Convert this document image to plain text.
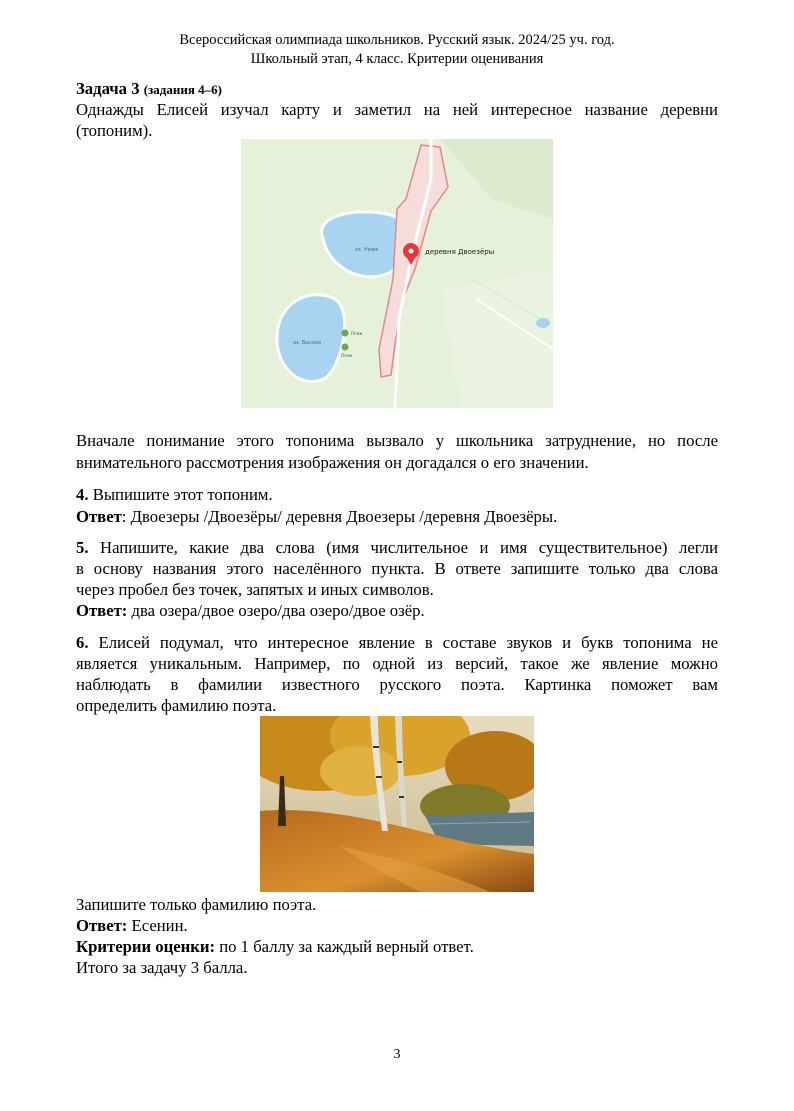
Всероссийская олимпиада школьников. Русский язык. 2024/25 уч. год.
Школьный этап, 4 класс. Критерии оценивания
Задача 3 (задания 4–6)
Однажды Елисей изучал карту и заметил на ней интересное название деревни
(топоним).
деревня Двоезёры
оз. Ниже
оз. Высоке
Пляж
Пляж
Вначале понимание этого топонима вызвало у школьника затруднение, но после
внимательного рассмотрения изображения он догадался о его значении.
4. Выпишите этот топоним.
Ответ: Двоезеры /Двоезёры/ деревня Двоезеры /деревня Двоезёры.
5. Напишите, какие два слова (имя числительное и имя существительное) легли
в основу названия этого населённого пункта. В ответе запишите только два слова
через пробел без точек, запятых и иных символов.
Ответ: два озера/двое озеро/два озеро/двое озёр.
6. Елисей подумал, что интересное явление в составе звуков и букв топонима не
является уникальным. Например, по одной из версий, такое же явление можно
наблюдать в фамилии известного русского поэта. Картинка поможет вам
определить фамилию поэта.
Запишите только фамилию поэта.
Ответ: Есенин.
Критерии оценки: по 1 баллу за каждый верный ответ.
Итого за задачу 3 балла.
3
